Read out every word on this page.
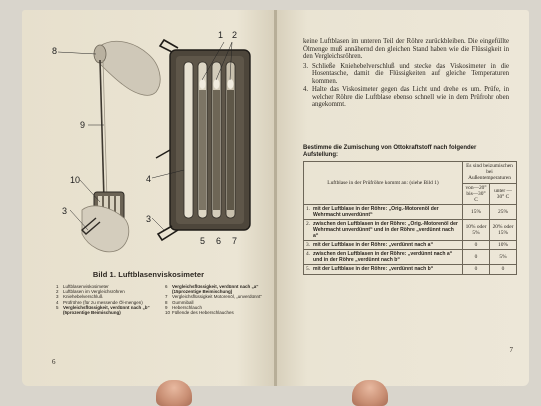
8
1 2
9
4
10
3
3
5 6 7
Bild 1. Luftblasenviskosimeter
1 Luftblasenviskosimeter
2 Luftblasen im Vergleichsröhren
3 Kniehebelverschluß
4 Prüfröhre (für zu messende Öl-mengen)
5 Vergleichsflüssigkeit, verdünnt nach „b“ (5prozentige Beimischung)
6 Vergleichsflüssigkeit, verdünnt nach „a“ (15prozentige Beimischung)
7 Vergleichsflüssigkeit Motorenöl, „unverdünnt“
8 Gummiball
9 Heberschlauch
10 Füllende des Heberschlauches
6

keine Luftblasen im unteren Teil der Röhre zurückbleiben. Die eingefüllte Ölmenge muß annähernd den gleichen Stand haben wie die Flüssigkeit in den Vergleichsröhren.

3. Schließe Kniehebelverschluß und stecke das Viskosimeter in die Hosentasche, damit die Flüssigkeiten auf gleiche Temperaturen kommen.
4. Halte das Viskosimeter gegen das Licht und drehe es um. Prüfe, in welcher Röhre die Luftblase ebenso schnell wie in dem Prüfrohr oben angekommt.
Bestimme die Zumischung von Ottokraftstoff nach folgender Aufstellung:
Luftblase in der Prüfröhre kommt an: (siehe Bild 1)	Es sind beizumischen bei Außentemperaturen	
	von—20° bis—30° C	unter —30° C

1. mit der Luftblase in der Röhre: „Orig.-Motorenöl der Wehrmacht unverdünnt“	15%	25%

2. zwischen den Luftblasen in der Röhre: „Orig.-Motorenöl der Wehrmacht unverdünnt“ und in der Röhre „verdünnt nach a“	10% oder 5%	20% oder 15%

3. mit der Luftblase in der Röhre: „verdünnt nach a“	0	10%

4. zwischen den Luftblasen in der Röhre: „verdünnt nach a“ und in der Röhre „verdünnt nach b“	0	5%

5. mit der Luftblase in der Röhre: „verdünnt nach b“	0	0
7
